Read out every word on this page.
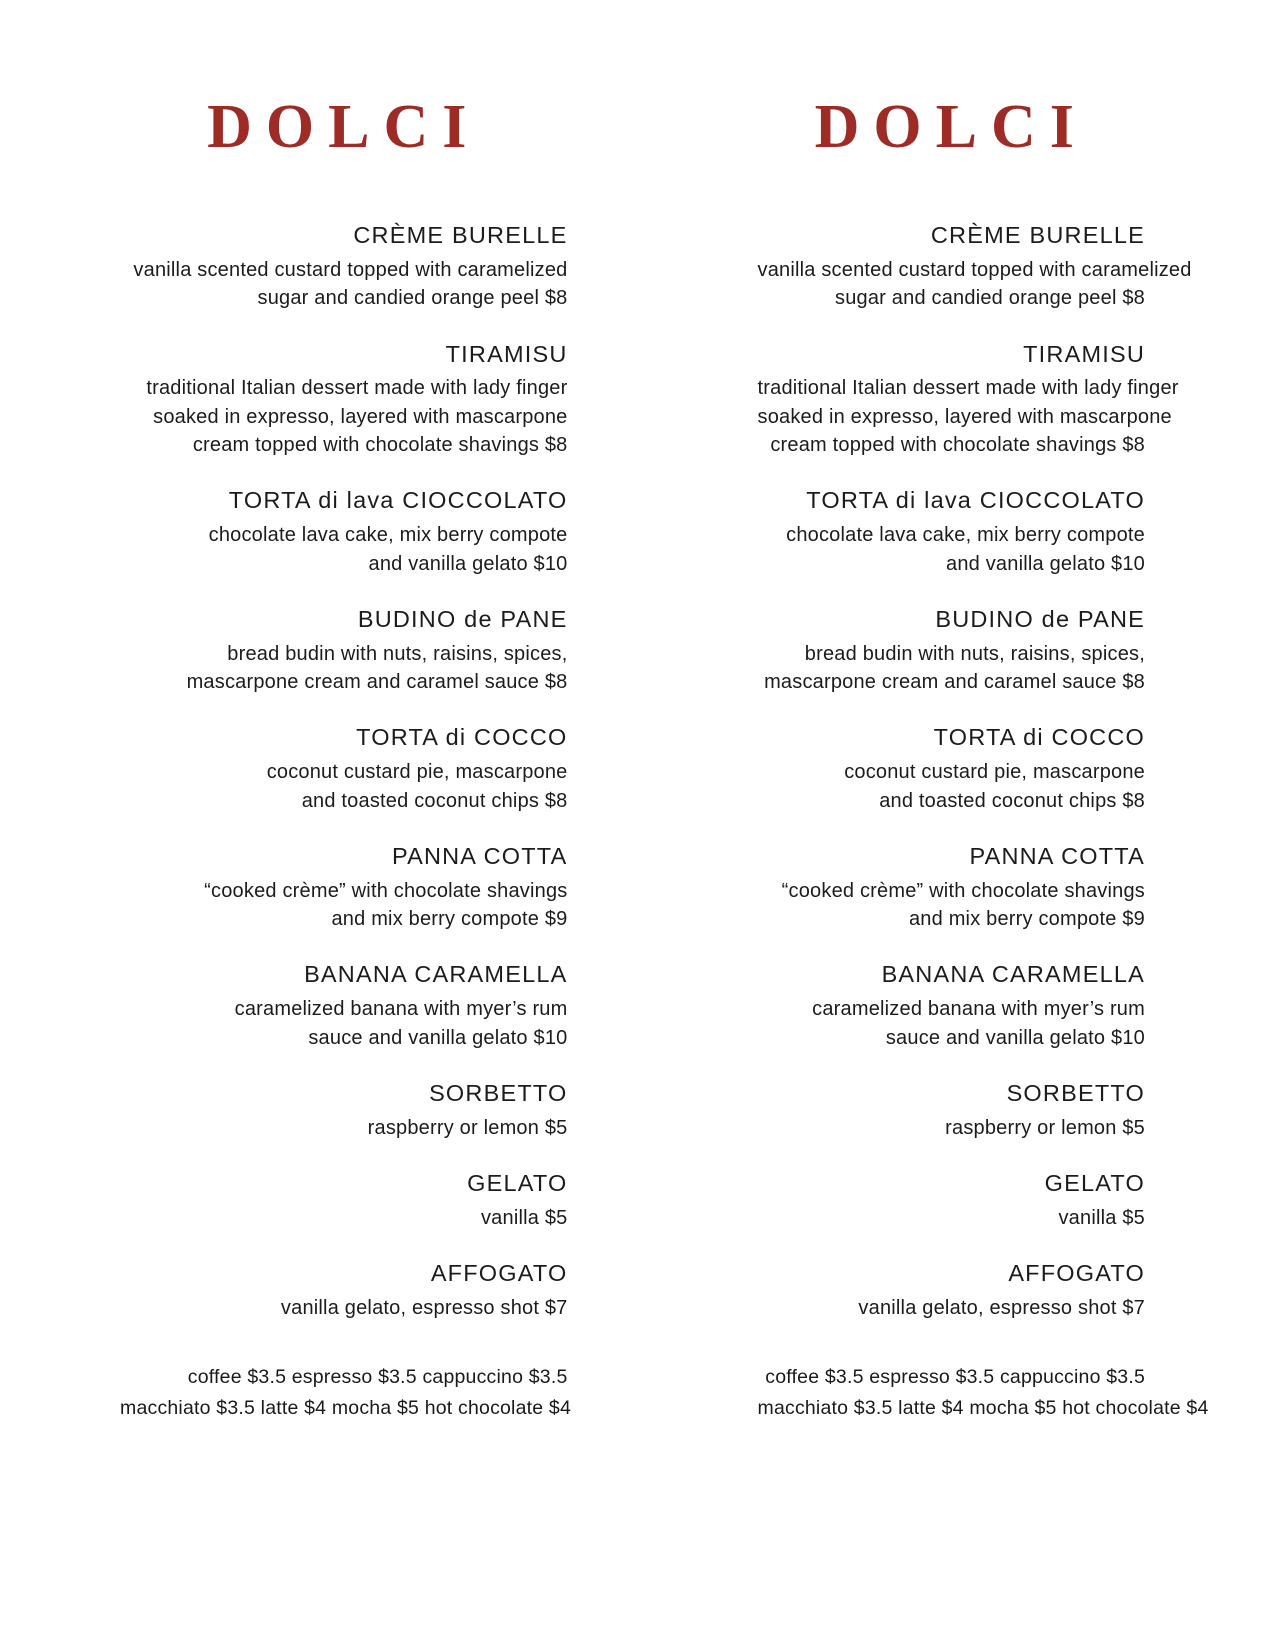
DOLCI
CRÈME BURELLE
vanilla scented custard topped with caramelized
sugar and candied orange peel $8
TIRAMISU
traditional Italian dessert made with lady finger
soaked in expresso, layered with mascarpone
cream topped with chocolate shavings $8
TORTA di lava CIOCCOLATO
chocolate lava cake, mix berry compote
and vanilla gelato $10
BUDINO de PANE
bread budin with nuts, raisins, spices,
mascarpone cream and caramel sauce $8
TORTA di COCCO
coconut custard pie, mascarpone
and toasted coconut chips $8
PANNA COTTA
“cooked crème” with chocolate shavings
and mix berry compote $9
BANANA CARAMELLA
caramelized banana with myer’s rum
sauce and vanilla gelato $10
SORBETTO
raspberry or lemon $5
GELATO
vanilla $5
AFFOGATO
vanilla gelato, espresso shot $7
coffee $3.5 espresso $3.5 cappuccino $3.5
macchiato $3.5 latte $4 mocha $5 hot chocolate $4
DOLCI
CRÈME BURELLE
vanilla scented custard topped with caramelized
sugar and candied orange peel $8
TIRAMISU
traditional Italian dessert made with lady finger
soaked in expresso, layered with mascarpone
cream topped with chocolate shavings $8
TORTA di lava CIOCCOLATO
chocolate lava cake, mix berry compote
and vanilla gelato $10
BUDINO de PANE
bread budin with nuts, raisins, spices,
mascarpone cream and caramel sauce $8
TORTA di COCCO
coconut custard pie, mascarpone
and toasted coconut chips $8
PANNA COTTA
“cooked crème” with chocolate shavings
and mix berry compote $9
BANANA CARAMELLA
caramelized banana with myer’s rum
sauce and vanilla gelato $10
SORBETTO
raspberry or lemon $5
GELATO
vanilla $5
AFFOGATO
vanilla gelato, espresso shot $7
coffee $3.5 espresso $3.5 cappuccino $3.5
macchiato $3.5 latte $4 mocha $5 hot chocolate $4
